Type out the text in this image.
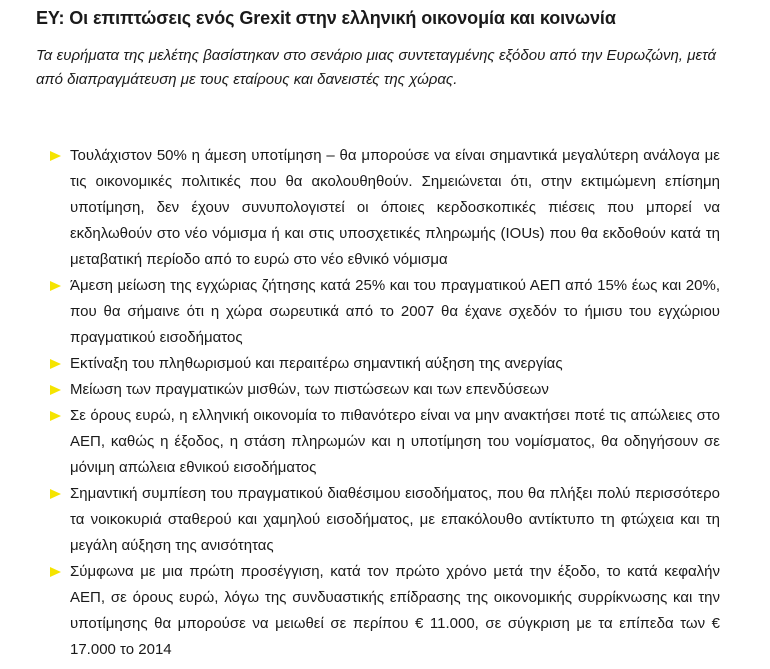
ΕΥ: Οι επιπτώσεις ενός Grexit στην ελληνική οικονομία και κοινωνία

Τα ευρήματα της μελέτης βασίστηκαν στο σενάριο μιας συντεταγμένης εξόδου από την Ευρωζώνη, μετά από διαπραγμάτευση με τους εταίρους και δανειστές της χώρας.

Τουλάχιστον 50% η άμεση υποτίμηση – θα μπορούσε να είναι σημαντικά μεγαλύτερη ανάλογα με τις οικονομικές πολιτικές που θα ακολουθηθούν. Σημειώνεται ότι, στην εκτιμώμενη επίσημη υποτίμηση, δεν έχουν συνυπολογιστεί οι όποιες κερδοσκοπικές πιέσεις που μπορεί να εκδηλωθούν στο νέο νόμισμα ή και στις υποσχετικές πληρωμής (IOUs) που θα εκδοθούν κατά τη μεταβατική περίοδο από το ευρώ στο νέο εθνικό νόμισμα
Άμεση μείωση της εγχώριας ζήτησης κατά 25% και του πραγματικού ΑΕΠ από 15% έως και 20%, που θα σήμαινε ότι η χώρα σωρευτικά από το 2007 θα έχανε σχεδόν το ήμισυ του εγχώριου πραγματικού εισοδήματος
Εκτίναξη του πληθωρισμού και περαιτέρω σημαντική αύξηση της ανεργίας
Μείωση των πραγματικών μισθών, των πιστώσεων και των επενδύσεων
Σε όρους ευρώ, η ελληνική οικονομία το πιθανότερο είναι να μην ανακτήσει ποτέ τις απώλειες στο ΑΕΠ, καθώς η έξοδος, η στάση πληρωμών και η υποτίμηση του νομίσματος, θα οδηγήσουν σε μόνιμη απώλεια εθνικού εισοδήματος
Σημαντική συμπίεση του πραγματικού διαθέσιμου εισοδήματος, που θα πλήξει πολύ περισσότερο τα νοικοκυριά σταθερού και χαμηλού εισοδήματος, με επακόλουθο αντίκτυπο τη φτώχεια και τη μεγάλη αύξηση της ανισότητας
Σύμφωνα με μια πρώτη προσέγγιση, κατά τον πρώτο χρόνο μετά την έξοδο, το κατά κεφαλήν ΑΕΠ, σε όρους ευρώ, λόγω της συνδυαστικής επίδρασης της οικονομικής συρρίκνωσης και την υποτίμησης θα μπορούσε να μειωθεί σε περίπου € 11.000, σε σύγκριση με τα επίπεδα των € 17.000 το 2014
